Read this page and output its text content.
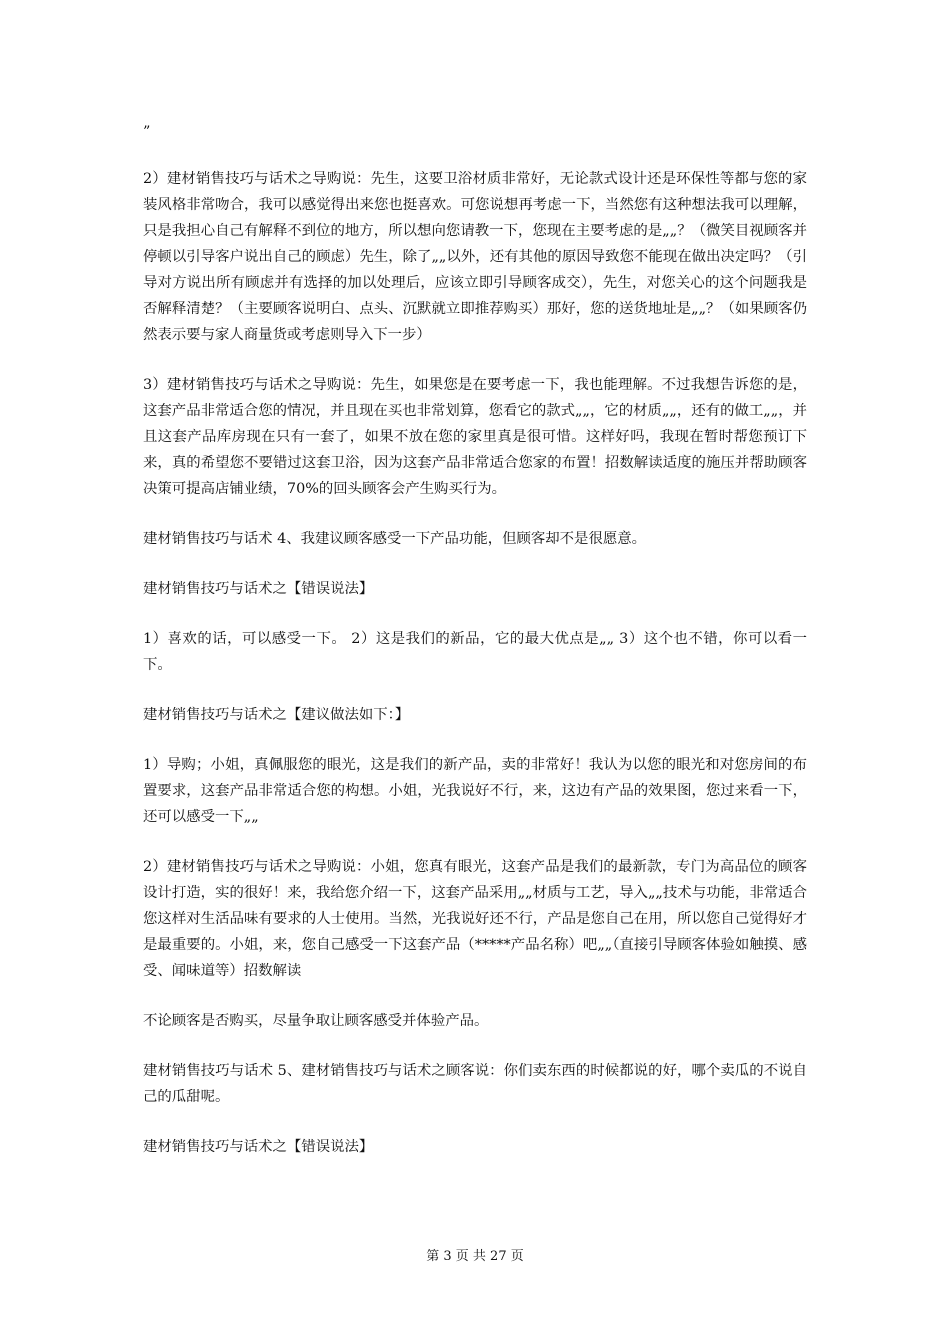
”

2）建材销售技巧与话术之导购说：先生，这要卫浴材质非常好，无论款式设计还是环保性等都与您的家装风格非常吻合，我可以感觉得出来您也挺喜欢。可您说想再考虑一下，当然您有这种想法我可以理解，只是我担心自己有解释不到位的地方，所以想向您请教一下，您现在主要考虑的是„„？（微笑目视顾客并停顿以引导客户说出自己的顾虑）先生，除了„„以外，还有其他的原因导致您不能现在做出决定吗？（引导对方说出所有顾虑并有选择的加以处理后，应该立即引导顾客成交），先生，对您关心的这个问题我是否解释清楚？（主要顾客说明白、点头、沉默就立即推荐购买）那好，您的送货地址是„„？（如果顾客仍然表示要与家人商量货或考虑则导入下一步）

3）建材销售技巧与话术之导购说：先生，如果您是在要考虑一下，我也能理解。不过我想告诉您的是，这套产品非常适合您的情况，并且现在买也非常划算，您看它的款式„„，它的材质„„，还有的做工„„，并且这套产品库房现在只有一套了，如果不放在您的家里真是很可惜。这样好吗，我现在暂时帮您预订下来，真的希望您不要错过这套卫浴，因为这套产品非常适合您家的布置！招数解读适度的施压并帮助顾客决策可提高店铺业绩，70%的回头顾客会产生购买行为。

建材销售技巧与话术 4、我建议顾客感受一下产品功能，但顾客却不是很愿意。

建材销售技巧与话术之【错误说法】

1）喜欢的话，可以感受一下。 2）这是我们的新品，它的最大优点是„„ 3）这个也不错，你可以看一下。

建材销售技巧与话术之【建议做法如下：】

1）导购；小姐，真佩服您的眼光，这是我们的新产品，卖的非常好！我认为以您的眼光和对您房间的布置要求，这套产品非常适合您的构想。小姐，光我说好不行，来，这边有产品的效果图，您过来看一下，还可以感受一下„„

2）建材销售技巧与话术之导购说：小姐，您真有眼光，这套产品是我们的最新款，专门为高品位的顾客设计打造，实的很好！来，我给您介绍一下，这套产品采用„„材质与工艺，导入„„技术与功能，非常适合您这样对生活品味有要求的人士使用。当然，光我说好还不行，产品是您自己在用，所以您自己觉得好才是最重要的。小姐，来，您自己感受一下这套产品（*****产品名称）吧„„（直接引导顾客体验如触摸、感受、闻味道等）招数解读

不论顾客是否购买，尽量争取让顾客感受并体验产品。

建材销售技巧与话术 5、建材销售技巧与话术之顾客说：你们卖东西的时候都说的好，哪个卖瓜的不说自己的瓜甜呢。

建材销售技巧与话术之【错误说法】

第 3 页 共 27 页
